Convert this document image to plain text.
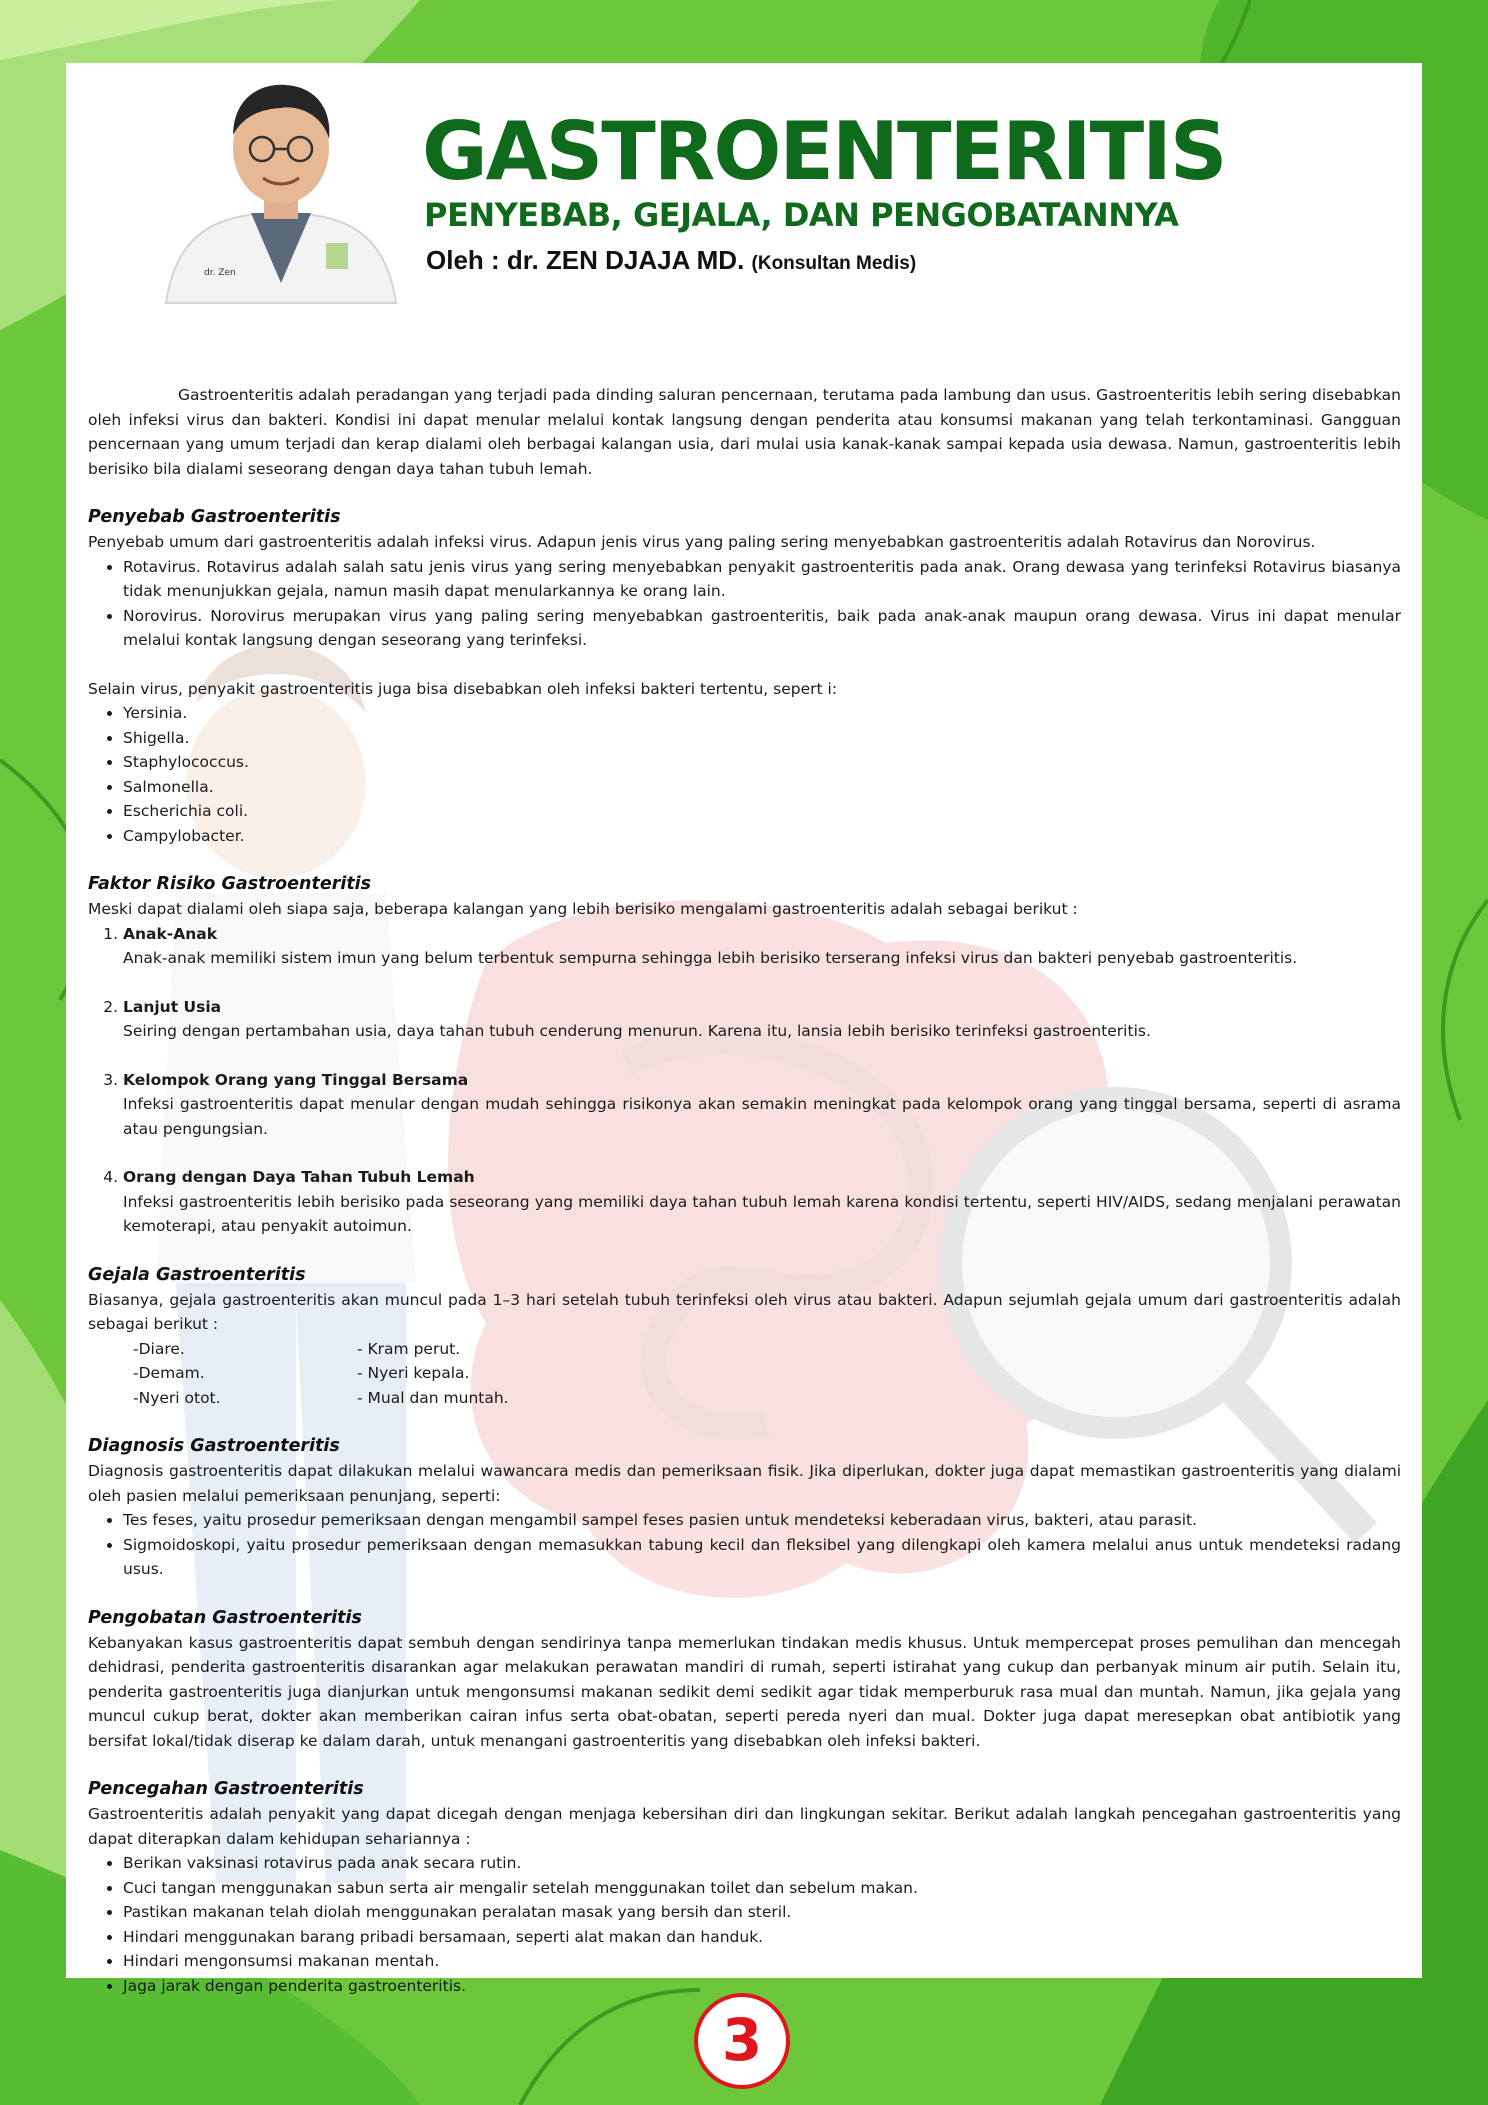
dr. Zen
GASTROENTERITIS
PENYEBAB, GEJALA, DAN PENGOBATANNYA
Oleh : dr. ZEN DJAJA MD. (Konsultan Medis)

Gastroenteritis adalah peradangan yang terjadi pada dinding saluran pencernaan, terutama pada lambung dan usus. Gastroenteritis lebih sering disebabkan oleh infeksi virus dan bakteri. Kondisi ini dapat menular melalui kontak langsung dengan penderita atau konsumsi makanan yang telah terkontaminasi. Gangguan pencernaan yang umum terjadi dan kerap dialami oleh berbagai kalangan usia, dari mulai usia kanak-kanak sampai kepada usia dewasa. Namun, gastroenteritis lebih berisiko bila dialami seseorang dengan daya tahan tubuh lemah.

Penyebab Gastroenteritis

Penyebab umum dari gastroenteritis adalah infeksi virus. Adapun jenis virus yang paling sering menyebabkan gastroenteritis adalah Rotavirus dan Norovirus.

• Rotavirus. Rotavirus adalah salah satu jenis virus yang sering menyebabkan penyakit gastroenteritis pada anak. Orang dewasa yang terinfeksi Rotavirus biasanya tidak menunjukkan gejala, namun masih dapat menularkannya ke orang lain.
• Norovirus. Norovirus merupakan virus yang paling sering menyebabkan gastroenteritis, baik pada anak-anak maupun orang dewasa. Virus ini dapat menular melalui kontak langsung dengan seseorang yang terinfeksi.

Selain virus, penyakit gastroenteritis juga bisa disebabkan oleh infeksi bakteri tertentu, sepert i:

• Yersinia.
• Shigella.
• Staphylococcus.
• Salmonella.
• Escherichia coli.
• Campylobacter.
Faktor Risiko Gastroenteritis

Meski dapat dialami oleh siapa saja, beberapa kalangan yang lebih berisiko mengalami gastroenteritis adalah sebagai berikut :

1. Anak-Anak
Anak-anak memiliki sistem imun yang belum terbentuk sempurna sehingga lebih berisiko terserang infeksi virus dan bakteri penyebab gastroenteritis.
2. Lanjut Usia
Seiring dengan pertambahan usia, daya tahan tubuh cenderung menurun. Karena itu, lansia lebih berisiko terinfeksi gastroenteritis.
3. Kelompok Orang yang Tinggal Bersama
Infeksi gastroenteritis dapat menular dengan mudah sehingga risikonya akan semakin meningkat pada kelompok orang yang tinggal bersama, seperti di asrama atau pengungsian.
4. Orang dengan Daya Tahan Tubuh Lemah
Infeksi gastroenteritis lebih berisiko pada seseorang yang memiliki daya tahan tubuh lemah karena kondisi tertentu, seperti HIV/AIDS, sedang menjalani perawatan kemoterapi, atau penyakit autoimun.
Gejala Gastroenteritis

Biasanya, gejala gastroenteritis akan muncul pada 1–3 hari setelah tubuh terinfeksi oleh virus atau bakteri. Adapun sejumlah gejala umum dari gastroenteritis adalah sebagai berikut :

-Diare.	- Kram perut.
-Demam.	- Nyeri kepala.
-Nyeri otot.	- Mual dan muntah.
Diagnosis Gastroenteritis

Diagnosis gastroenteritis dapat dilakukan melalui wawancara medis dan pemeriksaan fisik. Jika diperlukan, dokter juga dapat memastikan gastroenteritis yang dialami oleh pasien melalui pemeriksaan penunjang, seperti:

• Tes feses, yaitu prosedur pemeriksaan dengan mengambil sampel feses pasien untuk mendeteksi keberadaan virus, bakteri, atau parasit.
• Sigmoidoskopi, yaitu prosedur pemeriksaan dengan memasukkan tabung kecil dan fleksibel yang dilengkapi oleh kamera melalui anus untuk mendeteksi radang usus.
Pengobatan Gastroenteritis

Kebanyakan kasus gastroenteritis dapat sembuh dengan sendirinya tanpa memerlukan tindakan medis khusus. Untuk mempercepat proses pemulihan dan mencegah dehidrasi, penderita gastroenteritis disarankan agar melakukan perawatan mandiri di rumah, seperti istirahat yang cukup dan perbanyak minum air putih. Selain itu, penderita gastroenteritis juga dianjurkan untuk mengonsumsi makanan sedikit demi sedikit agar tidak memperburuk rasa mual dan muntah. Namun, jika gejala yang muncul cukup berat, dokter akan memberikan cairan infus serta obat-obatan, seperti pereda nyeri dan mual. Dokter juga dapat meresepkan obat antibiotik yang bersifat lokal/tidak diserap ke dalam darah, untuk menangani gastroenteritis yang disebabkan oleh infeksi bakteri.

Pencegahan Gastroenteritis

Gastroenteritis adalah penyakit yang dapat dicegah dengan menjaga kebersihan diri dan lingkungan sekitar. Berikut adalah langkah pencegahan gastroenteritis yang dapat diterapkan dalam kehidupan sehariannya :

• Berikan vaksinasi rotavirus pada anak secara rutin.
• Cuci tangan menggunakan sabun serta air mengalir setelah menggunakan toilet dan sebelum makan.
• Pastikan makanan telah diolah menggunakan peralatan masak yang bersih dan steril.
• Hindari menggunakan barang pribadi bersamaan, seperti alat makan dan handuk.
• Hindari mengonsumsi makanan mentah.
• Jaga jarak dengan penderita gastroenteritis.
3
